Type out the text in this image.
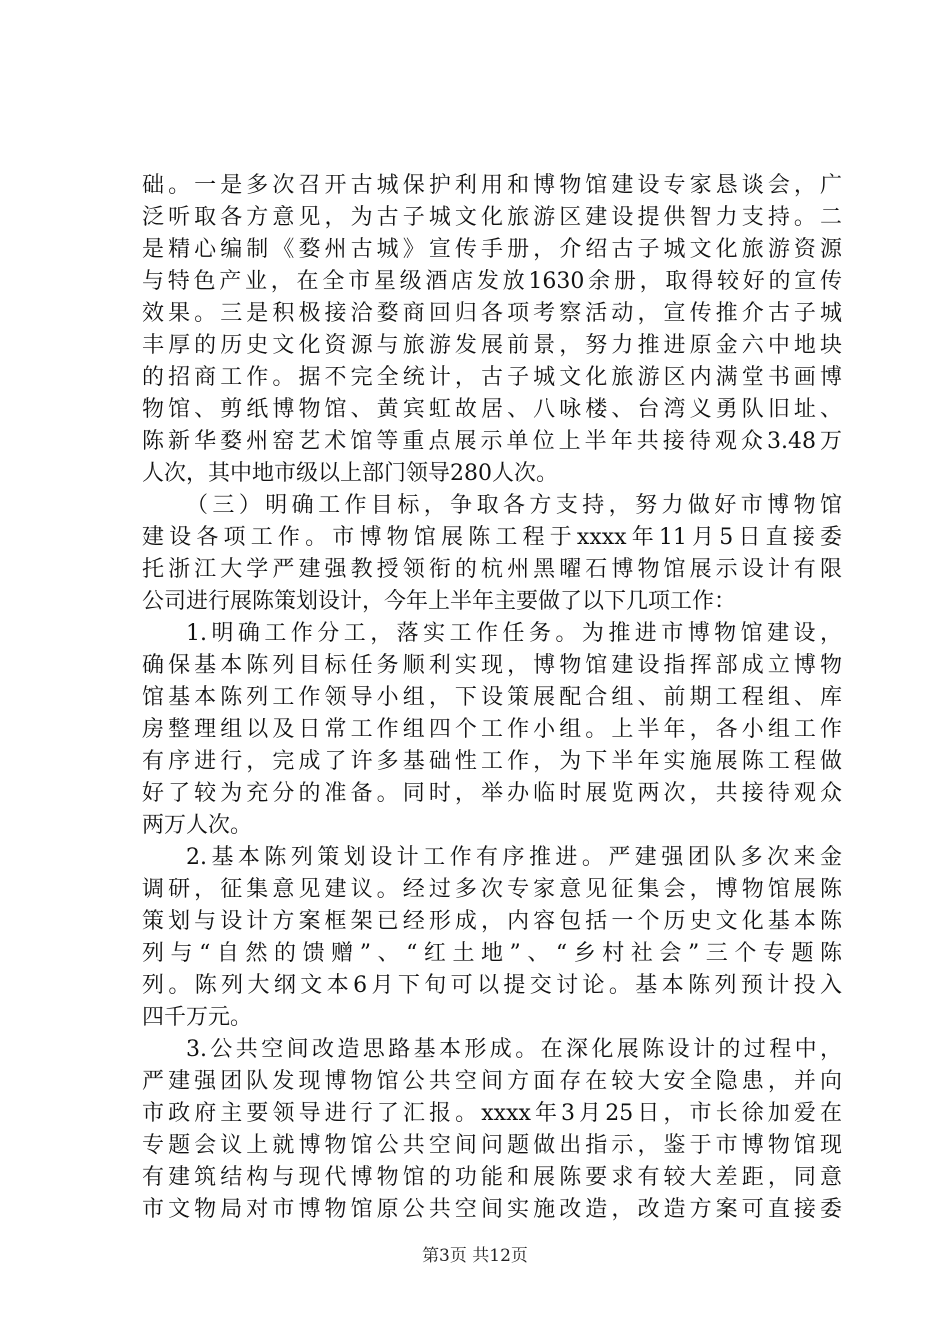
础。一是多次召开古城保护利用和博物馆建设专家恳谈会，广
泛听取各方意见，为古子城文化旅游区建设提供智力支持。二
是精心编制《婺州古城》宣传手册，介绍古子城文化旅游资源
与特色产业，在全市星级酒店发放1630余册，取得较好的宣传
效果。三是积极接洽婺商回归各项考察活动，宣传推介古子城
丰厚的历史文化资源与旅游发展前景，努力推进原金六中地块
的招商工作。据不完全统计，古子城文化旅游区内满堂书画博
物馆、剪纸博物馆、黄宾虹故居、八咏楼、台湾义勇队旧址、
陈新华婺州窑艺术馆等重点展示单位上半年共接待观众3.48万
人次，其中地市级以上部门领导280人次。
（三）明确工作目标，争取各方支持，努力做好市博物馆
建设各项工作。市博物馆展陈工程于xxxx年11月5日直接委
托浙江大学严建强教授领衔的杭州黑曜石博物馆展示设计有限
公司进行展陈策划设计，今年上半年主要做了以下几项工作：
1.明确工作分工，落实工作任务。为推进市博物馆建设，
确保基本陈列目标任务顺利实现，博物馆建设指挥部成立博物
馆基本陈列工作领导小组，下设策展配合组、前期工程组、库
房整理组以及日常工作组四个工作小组。上半年，各小组工作
有序进行，完成了许多基础性工作，为下半年实施展陈工程做
好了较为充分的准备。同时，举办临时展览两次，共接待观众
两万人次。
2.基本陈列策划设计工作有序推进。严建强团队多次来金
调研，征集意见建议。经过多次专家意见征集会，博物馆展陈
策划与设计方案框架已经形成，内容包括一个历史文化基本陈
列与“自然的馈赠”、“红土地”、“乡村社会”三个专题陈
列。陈列大纲文本6月下旬可以提交讨论。基本陈列预计投入
四千万元。
3.公共空间改造思路基本形成。在深化展陈设计的过程中，
严建强团队发现博物馆公共空间方面存在较大安全隐患，并向
市政府主要领导进行了汇报。xxxx年3月25日，市长徐加爱在
专题会议上就博物馆公共空间问题做出指示，鉴于市博物馆现
有建筑结构与现代博物馆的功能和展陈要求有较大差距，同意
市文物局对市博物馆原公共空间实施改造，改造方案可直接委
第3页 共12页
